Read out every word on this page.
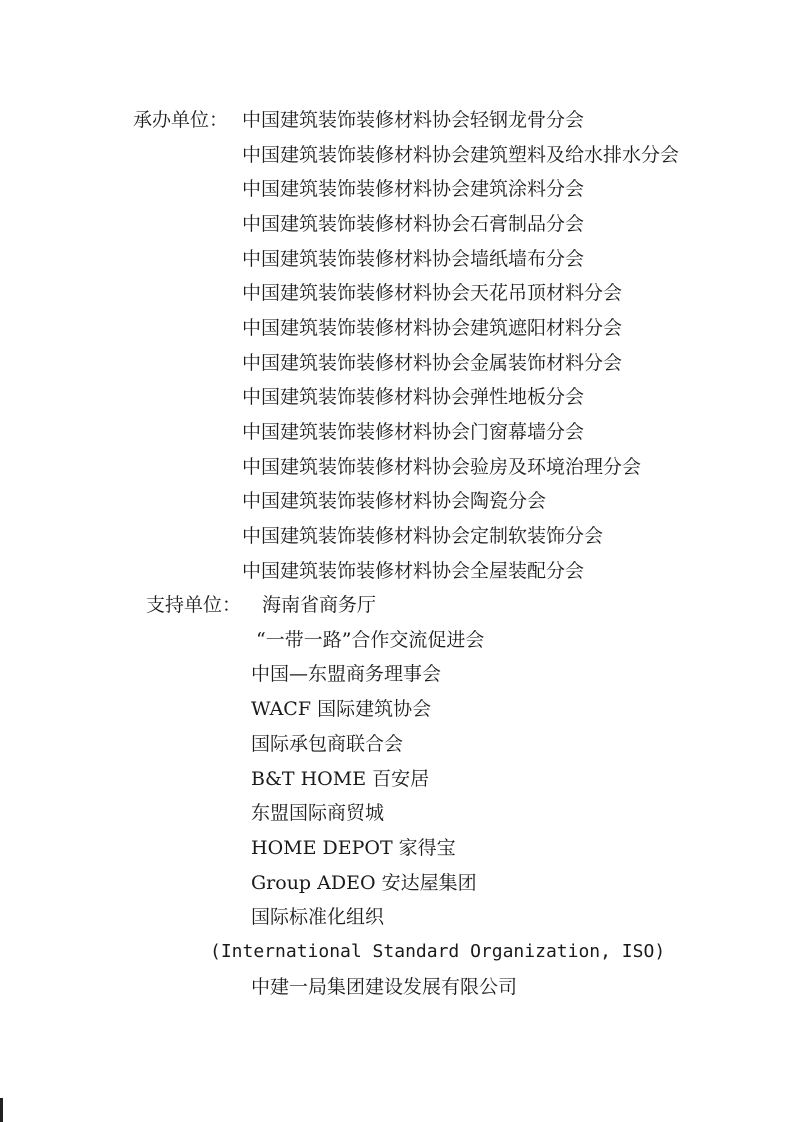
承办单位： 中国建筑装饰装修材料协会轻钢龙骨分会
中国建筑装饰装修材料协会建筑塑料及给水排水分会
中国建筑装饰装修材料协会建筑涂料分会
中国建筑装饰装修材料协会石膏制品分会
中国建筑装饰装修材料协会墙纸墙布分会
中国建筑装饰装修材料协会天花吊顶材料分会
中国建筑装饰装修材料协会建筑遮阳材料分会
中国建筑装饰装修材料协会金属装饰材料分会
中国建筑装饰装修材料协会弹性地板分会
中国建筑装饰装修材料协会门窗幕墙分会
中国建筑装饰装修材料协会验房及环境治理分会
中国建筑装饰装修材料协会陶瓷分会
中国建筑装饰装修材料协会定制软装饰分会
中国建筑装饰装修材料协会全屋装配分会
支持单位： 海南省商务厅
“一带一路”合作交流促进会
中国—东盟商务理事会
WACF 国际建筑协会
国际承包商联合会
B&T HOME 百安居
东盟国际商贸城
HOME DEPOT 家得宝
Group ADEO 安达屋集团
国际标准化组织
(International Standard Organization, ISO)
中建一局集团建设发展有限公司
